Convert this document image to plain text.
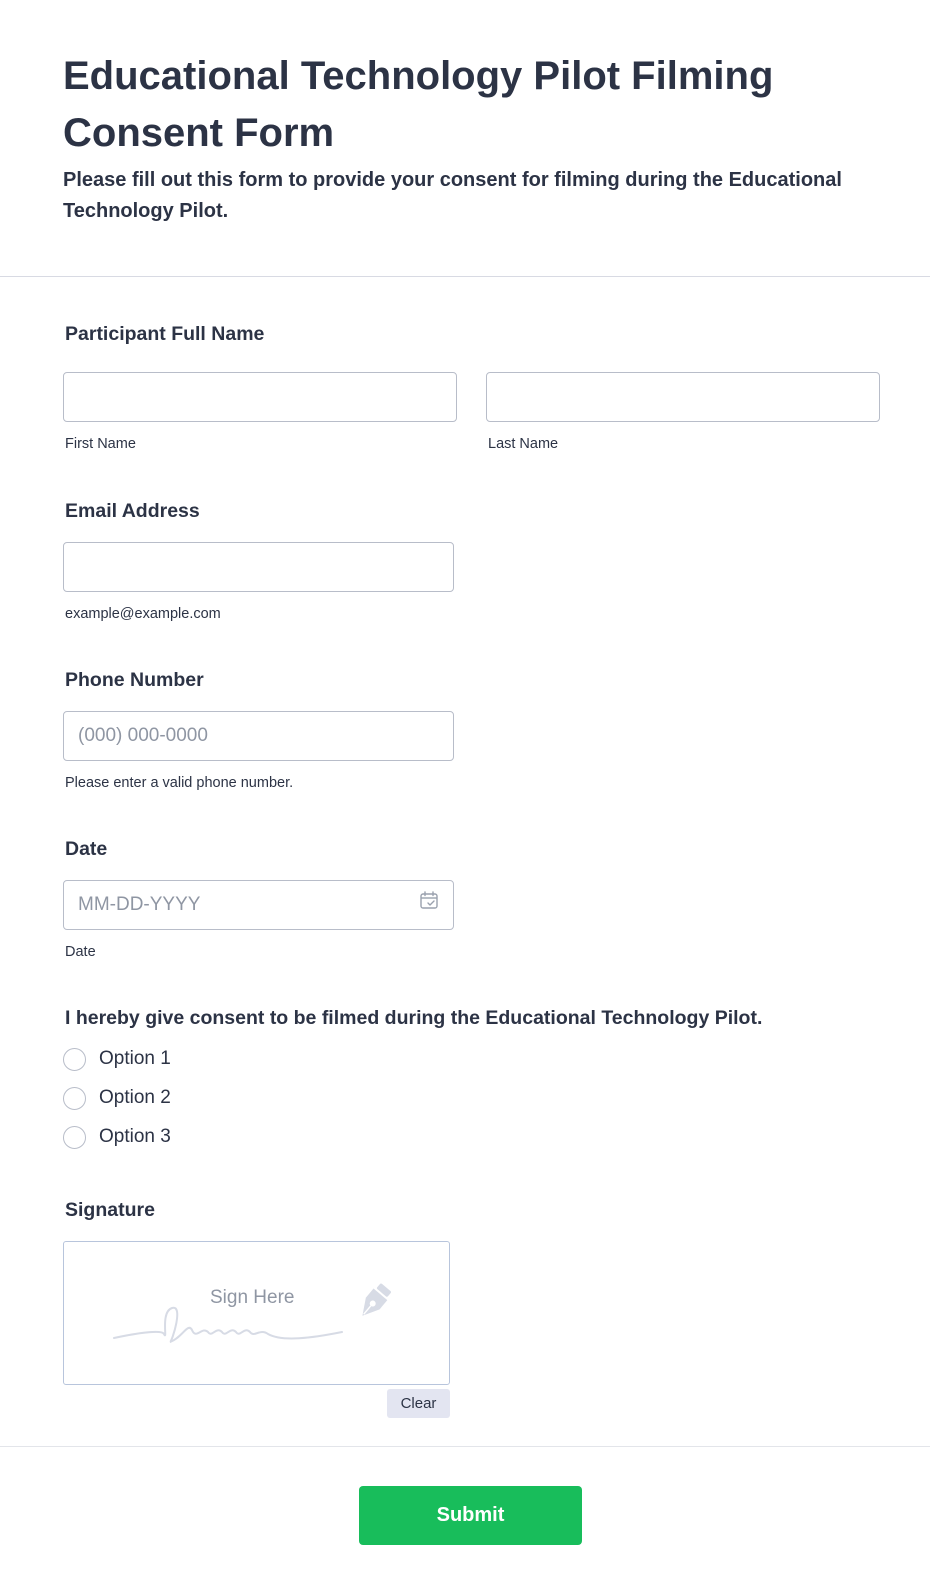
Educational Technology Pilot Filming Consent Form

Please fill out this form to provide your consent for filming during the Educational Technology Pilot.

Participant Full Name
First Name	Last Name
Email Address
example@example.com
Phone Number
(000) 000-0000
Please enter a valid phone number.
Date
MM-DD-YYYY
Date
I hereby give consent to be filmed during the Educational Technology Pilot.
Option 1
Option 2
Option 3
Signature
Sign Here
Clear
Submit
